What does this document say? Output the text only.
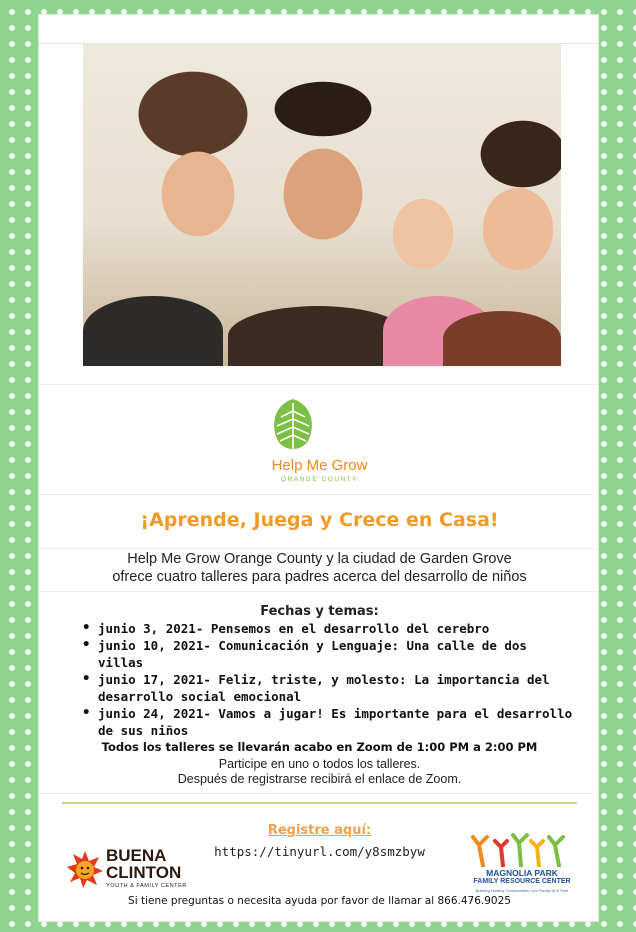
Help Me Grow
ORANGE COUNTY
¡Aprende, Juega y Crece en Casa!
Help Me Grow Orange County y la ciudad de Garden Grove
ofrece cuatro talleres para padres acerca del desarrollo de niños
Fechas y temas:
• junio 3, 2021- Pensemos en el desarrollo del cerebro
• junio 10, 2021- Comunicación y Lenguaje: Una calle de dos villas
• junio 17, 2021- Feliz, triste, y molesto: La importancia del desarrollo social emocional
• junio 24, 2021- Vamos a jugar! Es importante para el desarrollo de sus niños
Todos los talleres se llevarán acabo en Zoom de 1:00 PM a 2:00 PM
Participe en uno o todos los talleres.
Después de registrarse recibirá el enlace de Zoom.
Registre aquí:
https://tinyurl.com/y8smzbyw
BUENA
CLINTON
YOUTH & FAMILY CENTER
MAGNOLIA PARK
FAMILY RESOURCE CENTER
Building Healthy Communities One Family At A Time
Si tiene preguntas o necesita ayuda por favor de llamar al 866.476.9025
